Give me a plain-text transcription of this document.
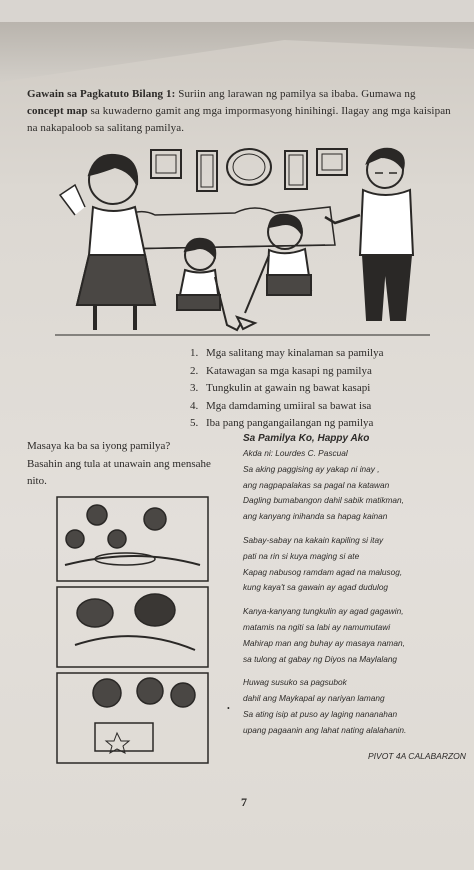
Gawain sa Pagkatuto Bilang 1: Suriin ang larawan ng pamilya sa ibaba. Gumawa ng concept map sa kuwaderno gamit ang mga impormasyong hinihingi. Ilagay ang mga kaisipan na nakapaloob sa salitang pamilya.
1. Mga salitang may kinalaman sa pamilya
2. Katawagan sa mga kasapi ng pamilya
3. Tungkulin at gawain ng bawat kasapi
4. Mga damdaming umiiral sa bawat isa
5. Iba pang pangangailangan ng pamilya
Masaya ka ba sa iyong pamilya?
Basahin ang tula at unawain ang mensahe nito.
Sa Pamilya Ko, Happy Ako
Akda ni: Lourdes C. Pascual
Sa aking paggising ay yakap ni inay ,
ang nagpapalakas sa pagal na katawan
Dagling bumabangon dahil sabik matikman,
ang kanyang inihanda sa hapag kainan
Sabay-sabay na kakain kapiling si itay
pati na rin si kuya maging si ate
Kapag nabusog ramdam agad na malusog,
kung kaya't sa gawain ay agad dudulog
Kanya-kanyang tungkulin ay agad gagawin,
matamis na ngiti sa labi ay namumutawi
Mahirap man ang buhay ay masaya naman,
sa tulong at gabay ng Diyos na Maylalang
Huwag susuko sa pagsubok
dahil ang Maykapal ay nariyan lamang
Sa ating isip at puso ay laging nananahan
upang pagaanin ang lahat nating alalahanin.
•
PIVOT 4A CALABARZON
7
